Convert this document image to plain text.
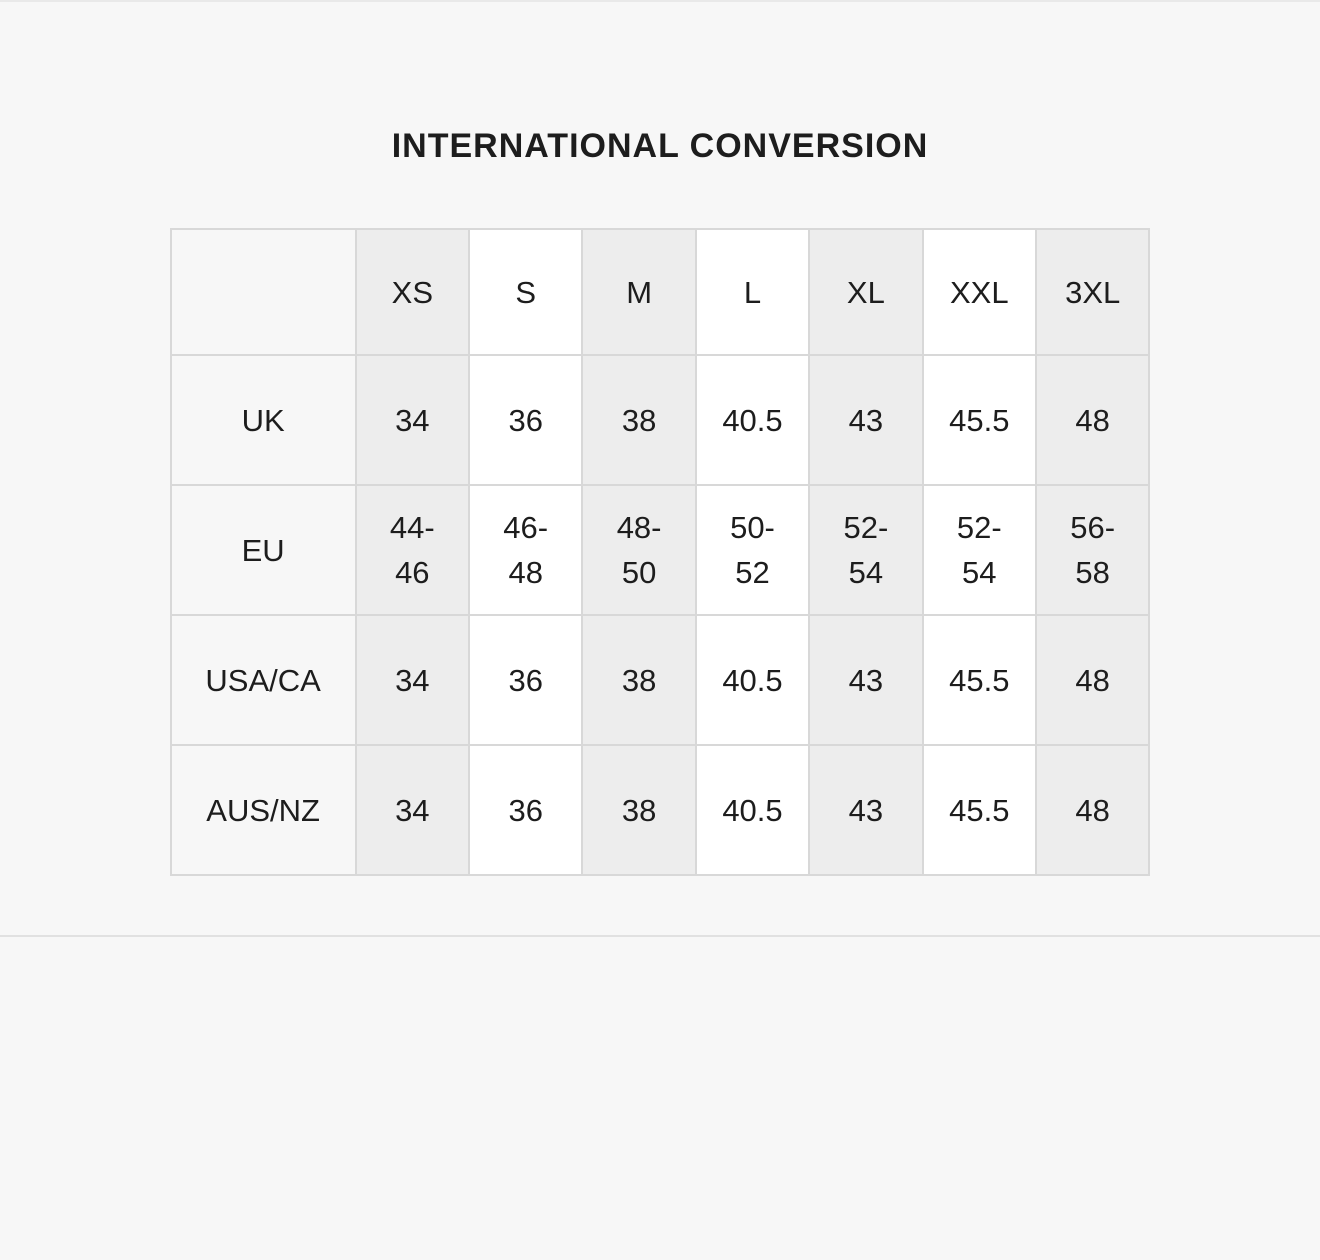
INTERNATIONAL CONVERSION
	XS	S	M	L	XL	XXL	3XL
UK	34	36	38	40.5	43	45.5	48
EU	44-46	46-48	48-50	50-52	52-54	52-54	56-58
USA/CA	34	36	38	40.5	43	45.5	48
AUS/NZ	34	36	38	40.5	43	45.5	48
